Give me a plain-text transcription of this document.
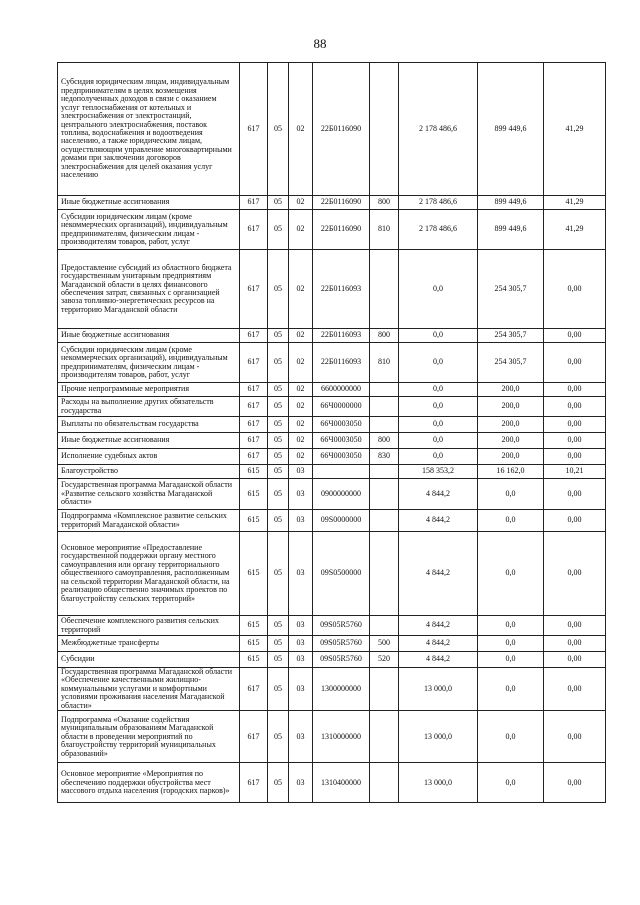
88
Субсидия юридическим лицам, индивидуальным предпринимателям в целях возмещения недополученных доходов в связи с оказанием услуг теплоснабжения от котельных и электроснабжения от электростанций, центрального электроснабжения, поставок топлива, водоснабжения и водоотведения населению, а также юридическим лицам, осуществляющим управление многоквартирными домами при заключении договоров электроснабжения для целей оказания услуг населению	617	05	02	22Б0116090		2 178 486,6	899 449,6	41,29
Иные бюджетные ассигнования	617	05	02	22Б0116090	800	2 178 486,6	899 449,6	41,29
Субсидии юридическим лицам (кроме некоммерческих организаций), индивидуальным предпринимателям, физическим лицам - производителям товаров, работ, услуг	617	05	02	22Б0116090	810	2 178 486,6	899 449,6	41,29
Предоставление субсидий из областного бюджета государственным унитарным предприятиям Магаданской области в целях финансового обеспечения затрат, связанных с организацией завоза топливно-энергетических ресурсов на территорию Магаданской области	617	05	02	22Б0116093		0,0	254 305,7	0,00
Иные бюджетные ассигнования	617	05	02	22Б0116093	800	0,0	254 305,7	0,00
Субсидии юридическим лицам (кроме некоммерческих организаций), индивидуальным предпринимателям, физическим лицам - производителям товаров, работ, услуг	617	05	02	22Б0116093	810	0,0	254 305,7	0,00
Прочие непрограммные мероприятия	617	05	02	6600000000		0,0	200,0	0,00
Расходы на выполнение других обязательств государства	617	05	02	66Ч0000000		0,0	200,0	0,00
Выплаты по обязательствам государства	617	05	02	66Ч0003050		0,0	200,0	0,00
Иные бюджетные ассигнования	617	05	02	66Ч0003050	800	0,0	200,0	0,00
Исполнение судебных актов	617	05	02	66Ч0003050	830	0,0	200,0	0,00
Благоустройство	615	05	03			158 353,2	16 162,0	10,21
Государственная программа Магаданской области «Развитие сельского хозяйства Магаданской области»	615	05	03	0900000000		4 844,2	0,0	0,00
Подпрограмма «Комплексное развитие сельских территорий Магаданской области»	615	05	03	09S0000000		4 844,2	0,0	0,00
Основное мероприятие «Предоставление государственной поддержки органу местного самоуправления или органу территориального общественного самоуправления, расположенным на сельской территории Магаданской области, на реализацию общественно значимых проектов по благоустройству сельских территорий»	615	05	03	09S0500000		4 844,2	0,0	0,00
Обеспечение комплексного развития сельских территорий	615	05	03	09S05R5760		4 844,2	0,0	0,00
Межбюджетные трансферты	615	05	03	09S05R5760	500	4 844,2	0,0	0,00
Субсидии	615	05	03	09S05R5760	520	4 844,2	0,0	0,00
Государственная программа Магаданской области «Обеспечение качественными жилищно-коммунальными услугами и комфортными условиями проживания населения Магаданской области»	617	05	03	1300000000		13 000,0	0,0	0,00
Подпрограмма «Оказание содействия муниципальным образованиям Магаданской области в проведении мероприятий по благоустройству территорий муниципальных образований»	617	05	03	1310000000		13 000,0	0,0	0,00
Основное мероприятие «Мероприятия по обеспечению поддержки обустройства мест массового отдыха населения (городских парков)»	617	05	03	1310400000		13 000,0	0,0	0,00
